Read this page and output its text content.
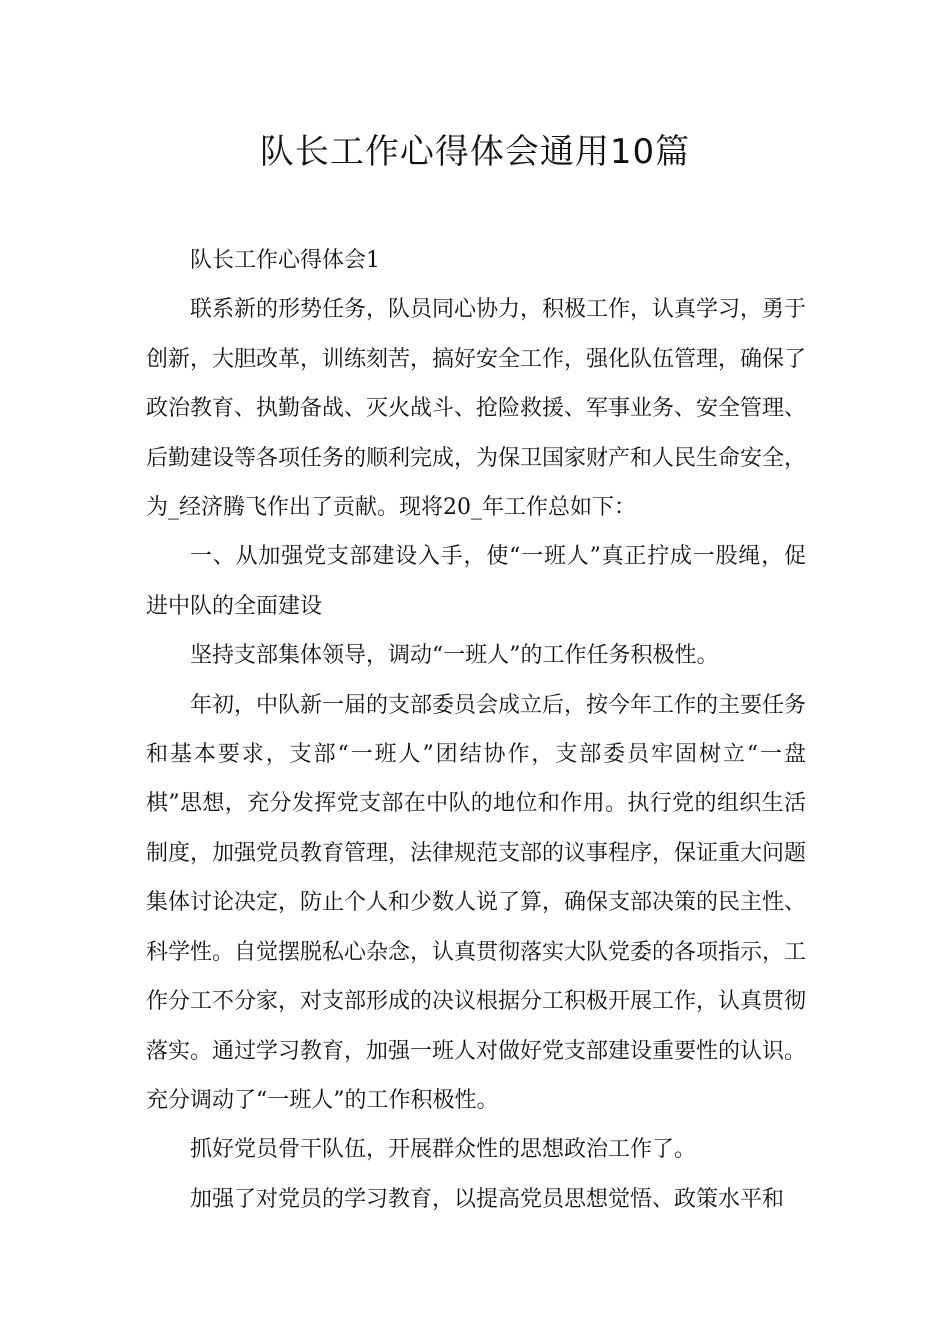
队长工作心得体会通用10篇

队长工作心得体会1

联系新的形势任务，队员同心协力，积极工作，认真学习，勇于创新，大胆改革，训练刻苦，搞好安全工作，强化队伍管理，确保了政治教育、执勤备战、灭火战斗、抢险救援、军事业务、安全管理、后勤建设等各项任务的顺利完成，为保卫国家财产和人民生命安全，为_经济腾飞作出了贡献。现将20_年工作总如下：

一、从加强党支部建设入手，使“一班人”真正拧成一股绳，促进中队的全面建设

坚持支部集体领导，调动“一班人”的工作任务积极性。

年初，中队新一届的支部委员会成立后，按今年工作的主要任务和基本要求，支部“一班人”团结协作，支部委员牢固树立“一盘棋”思想，充分发挥党支部在中队的地位和作用。执行党的组织生活制度，加强党员教育管理，法律规范支部的议事程序，保证重大问题集体讨论决定，防止个人和少数人说了算，确保支部决策的民主性、科学性。自觉摆脱私心杂念，认真贯彻落实大队党委的各项指示，工作分工不分家，对支部形成的决议根据分工积极开展工作，认真贯彻落实。通过学习教育，加强一班人对做好党支部建设重要性的认识。充分调动了“一班人”的工作积极性。

抓好党员骨干队伍，开展群众性的思想政治工作了。

加强了对党员的学习教育，以提高党员思想觉悟、政策水平和
